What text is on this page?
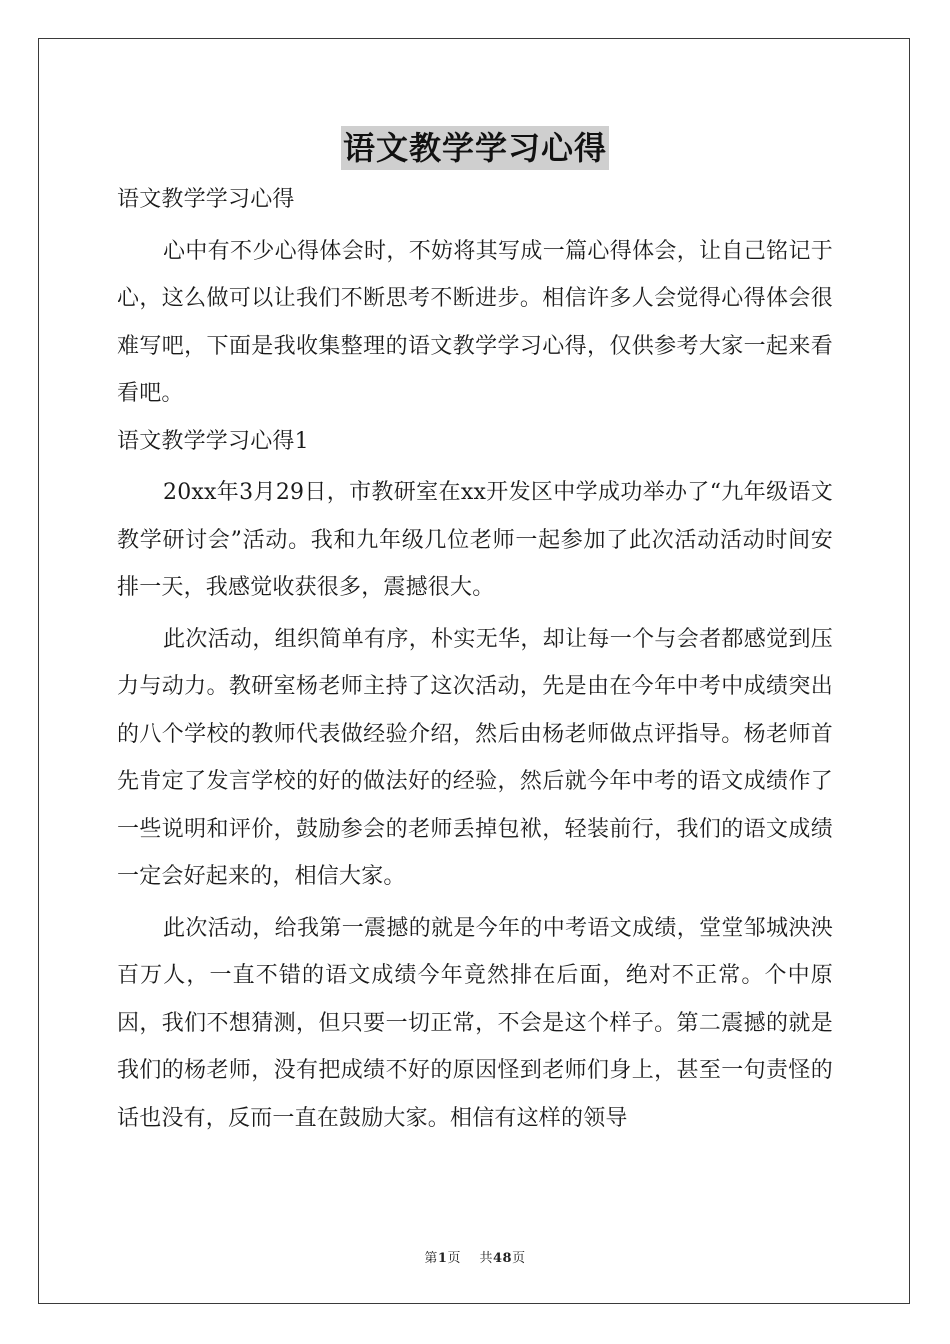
语文教学学习心得
语文教学学习心得

心中有不少心得体会时，不妨将其写成一篇心得体会，让自己铭记于心，这么做可以让我们不断思考不断进步。相信许多人会觉得心得体会很难写吧，下面是我收集整理的语文教学学习心得，仅供参考大家一起来看看吧。

语文教学学习心得1

20xx年3月29日，市教研室在xx开发区中学成功举办了“九年级语文教学研讨会”活动。我和九年级几位老师一起参加了此次活动活动时间安排一天，我感觉收获很多，震撼很大。

此次活动，组织简单有序，朴实无华，却让每一个与会者都感觉到压力与动力。教研室杨老师主持了这次活动，先是由在今年中考中成绩突出的八个学校的教师代表做经验介绍，然后由杨老师做点评指导。杨老师首先肯定了发言学校的好的做法好的经验，然后就今年中考的语文成绩作了一些说明和评价，鼓励参会的老师丢掉包袱，轻装前行，我们的语文成绩一定会好起来的，相信大家。

此次活动，给我第一震撼的就是今年的中考语文成绩，堂堂邹城泱泱百万人，一直不错的语文成绩今年竟然排在后面，绝对不正常。个中原因，我们不想猜测，但只要一切正常，不会是这个样子。第二震撼的就是我们的杨老师，没有把成绩不好的原因怪到老师们身上，甚至一句责怪的话也没有，反而一直在鼓励大家。相信有这样的领导

第1页 共48页
